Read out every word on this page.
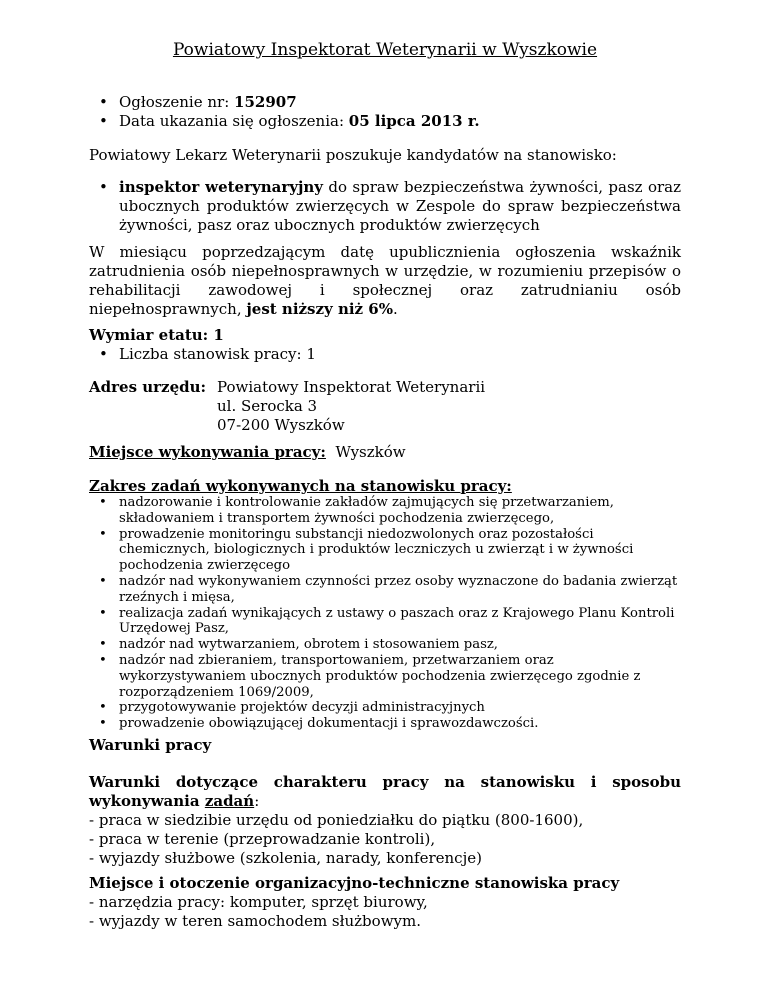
Powiatowy Inspektorat Weterynarii w Wyszkowie
• Ogłoszenie nr: 152907
• Data ukazania się ogłoszenia: 05 lipca 2013 r.
Powiatowy Lekarz Weterynarii poszukuje kandydatów na stanowisko:
• inspektor weterynaryjny do spraw bezpieczeństwa żywności, pasz oraz ubocznych produktów zwierzęcych w Zespole do spraw bezpieczeństwa żywności, pasz oraz ubocznych produktów zwierzęcych
W miesiącu poprzedzającym datę upublicznienia ogłoszenia wskaźnik zatrudnienia osób niepełnosprawnych w urzędzie, w rozumieniu przepisów o rehabilitacji zawodowej i społecznej oraz zatrudnianiu osób niepełnosprawnych, jest niższy niż 6%.
Wymiar etatu: 1
• Liczba stanowisk pracy: 1
Adres urzędu: Powiatowy Inspektorat Weterynarii
ul. Serocka 3
07-200 Wyszków
Miejsce wykonywania pracy: Wyszków
Zakres zadań wykonywanych na stanowisku pracy:
• nadzorowanie i kontrolowanie zakładów zajmujących się przetwarzaniem, składowaniem i transportem żywności pochodzenia zwierzęcego,
• prowadzenie monitoringu substancji niedozwolonych oraz pozostałości chemicznych, biologicznych i produktów leczniczych u zwierząt i w żywności pochodzenia zwierzęcego
• nadzór nad wykonywaniem czynności przez osoby wyznaczone do badania zwierząt rzeźnych i mięsa,
• realizacja zadań wynikających z ustawy o paszach oraz z Krajowego Planu Kontroli Urzędowej Pasz,
• nadzór nad wytwarzaniem, obrotem i stosowaniem pasz,
• nadzór nad zbieraniem, transportowaniem, przetwarzaniem oraz wykorzystywaniem ubocznych produktów pochodzenia zwierzęcego zgodnie z rozporządzeniem 1069/2009,
• przygotowywanie projektów decyzji administracyjnych
• prowadzenie obowiązującej dokumentacji i sprawozdawczości.
Warunki pracy
Warunki dotyczące charakteru pracy na stanowisku i sposobu wykonywania zadań:
- praca w siedzibie urzędu od poniedziałku do piątku (800-1600),
- praca w terenie (przeprowadzanie kontroli),
- wyjazdy służbowe (szkolenia, narady, konferencje)
Miejsce i otoczenie organizacyjno-techniczne stanowiska pracy
- narzędzia pracy: komputer, sprzęt biurowy,
- wyjazdy w teren samochodem służbowym.
